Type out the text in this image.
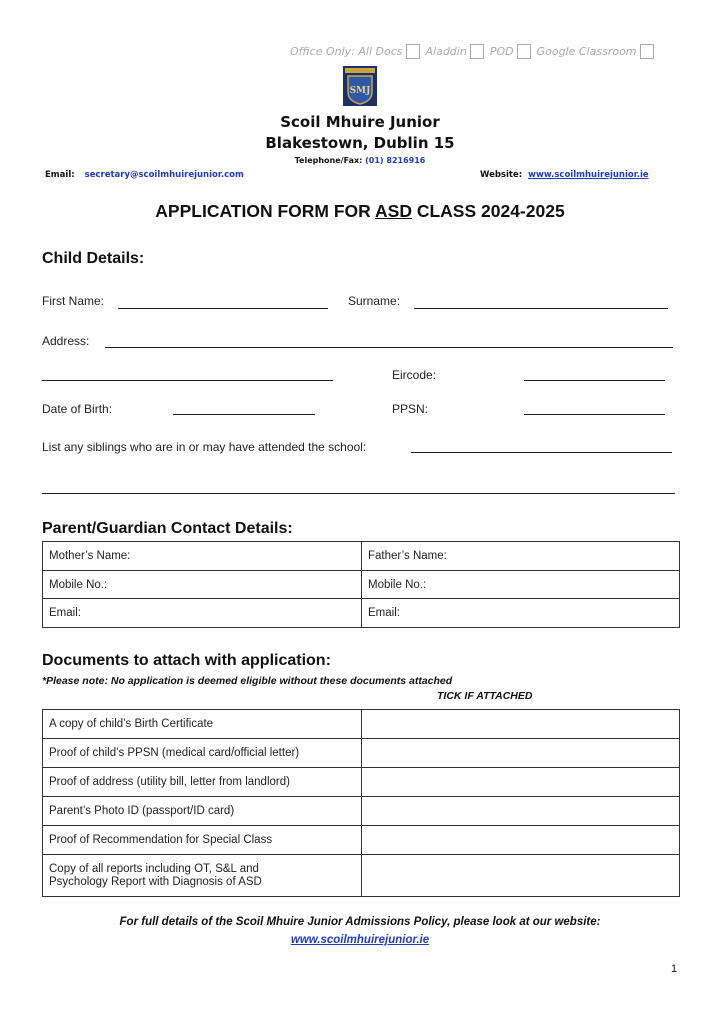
Office Only:
All Docs Aladdin POD Google Classroom
SMJ
Scoil Mhuire Junior
Blakestown, Dublin 15
Telephone/Fax: (01) 8216916
Email: secretary@scoilmhuirejunior.com	Website: www.scoilmhuirejunior.ie
APPLICATION FORM FOR ASD CLASS 2024-2025
Child Details:
First Name:	Surname:
Address:
Eircode:
Date of Birth:	PPSN:
List any siblings who are in or may have attended the school:
Parent/Guardian Contact Details:
Mother’s Name:	Father’s Name:
Mobile No.:	Mobile No.:
Email:	Email:
Documents to attach with application:
*Please note: No application is deemed eligible without these documents attached
TICK IF ATTACHED
A copy of child’s Birth Certificate	
Proof of child’s PPSN (medical card/official letter)	
Proof of address (utility bill, letter from landlord)	
Parent’s Photo ID (passport/ID card)	
Proof of Recommendation for Special Class	
Copy of all reports including OT, S&L and
Psychology Report with Diagnosis of ASD	
For full details of the Scoil Mhuire Junior Admissions Policy, please look at our website:
www.scoilmhuirejunior.ie
1
